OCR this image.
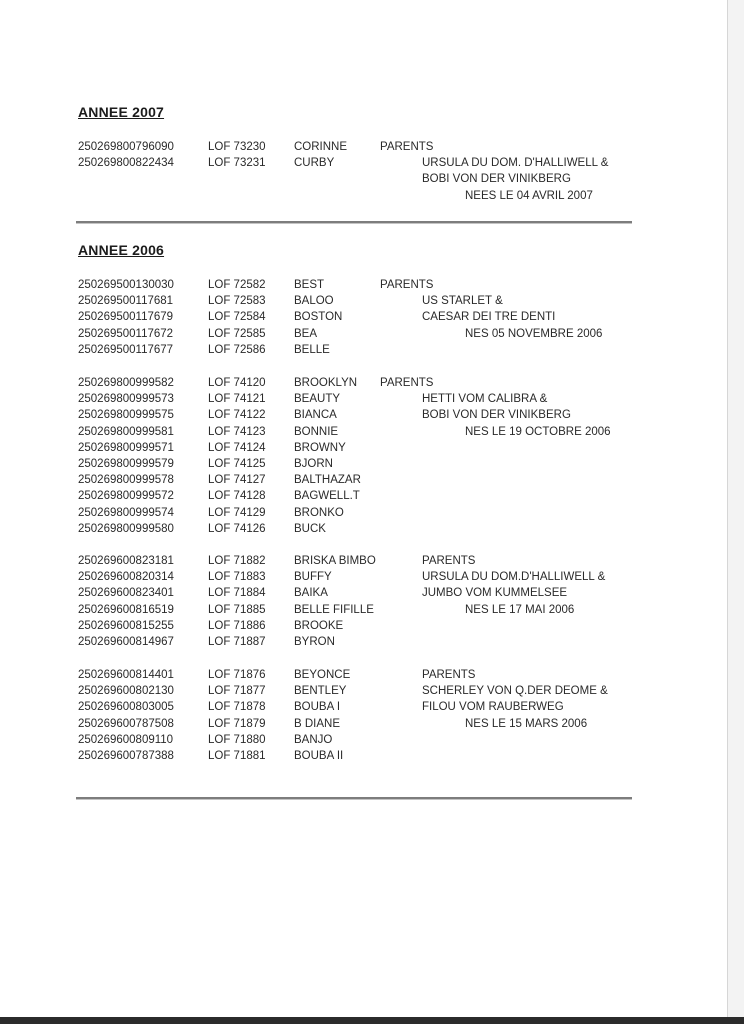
ANNEE 2007
250269800796090	LOF 73230 CORINNE
250269800822434	LOF 73231 CURBY
PARENTS
URSULA DU DOM. D'HALLIWELL &
BOBI VON DER VINIKBERG
NEES LE 04 AVRIL 2007
ANNEE 2006
250269500130030	LOF 72582 BEST
250269500117681	LOF 72583 BALOO
250269500117679	LOF 72584 BOSTON
250269500117672	LOF 72585 BEA
250269500117677	LOF 72586 BELLE
PARENTS
US STARLET &
CAESAR DEI TRE DENTI
NES 05 NOVEMBRE 2006
250269800999582	LOF 74120 BROOKLYN
250269800999573	LOF 74121 BEAUTY
250269800999575	LOF 74122 BIANCA
250269800999581	LOF 74123 BONNIE
250269800999571	LOF 74124 BROWNY
250269800999579	LOF 74125 BJORN
250269800999578	LOF 74127 BALTHAZAR
250269800999572	LOF 74128 BAGWELL.T
250269800999574	LOF 74129 BRONKO
250269800999580	LOF 74126 BUCK
PARENTS
HETTI VOM CALIBRA &
BOBI VON DER VINIKBERG
NES LE 19 OCTOBRE 2006
250269600823181	LOF 71882 BRISKA BIMBO
250269600820314	LOF 71883 BUFFY
250269600823401	LOF 71884 BAIKA
250269600816519	LOF 71885 BELLE FIFILLE
250269600815255	LOF 71886 BROOKE
250269600814967	LOF 71887 BYRON
PARENTS
URSULA DU DOM.D'HALLIWELL &
JUMBO VOM KUMMELSEE
NES LE 17 MAI 2006
250269600814401	LOF 71876 BEYONCE
250269600802130	LOF 71877 BENTLEY
250269600803005	LOF 71878 BOUBA I
250269600787508	LOF 71879 B DIANE
250269600809110	LOF 71880 BANJO
250269600787388	LOF 71881 BOUBA II
PARENTS
SCHERLEY VON Q.DER DEOME &
FILOU VOM RAUBERWEG
NES LE 15 MARS 2006
